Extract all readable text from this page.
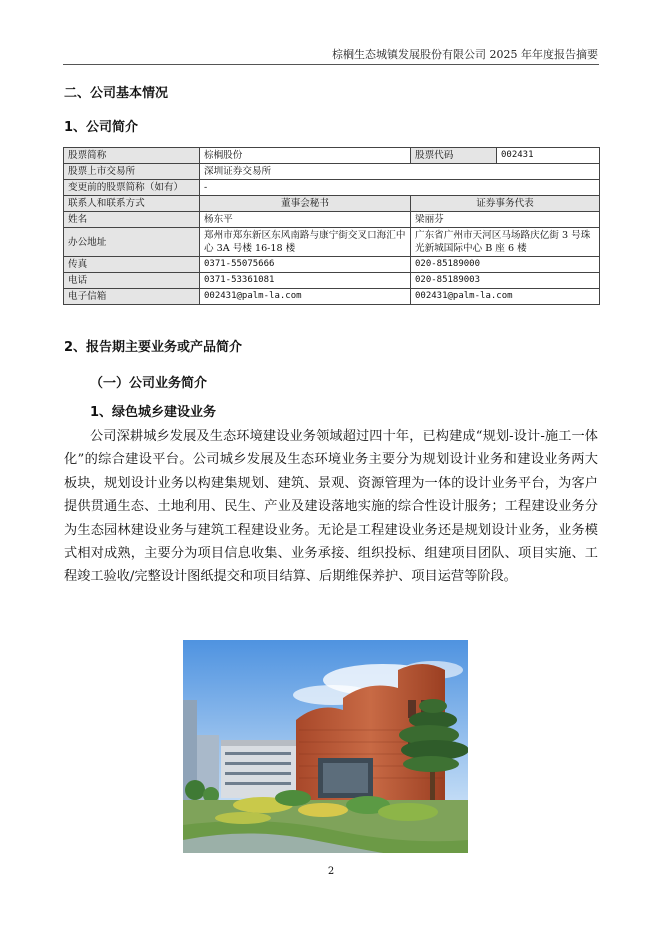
棕榈生态城镇发展股份有限公司 2025 年年度报告摘要
二、公司基本情况
1、公司简介
股票简称	棕榈股份	股票代码	002431
股票上市交易所	深圳证券交易所		
变更前的股票简称（如有）	-		
联系人和联系方式	董事会秘书	证券事务代表	
姓名	杨东平	梁丽芬	
办公地址	郑州市郑东新区东风南路与康宁街交叉口海汇中心 3A 号楼 16-18 楼	广东省广州市天河区马场路庆亿街 3 号珠光新城国际中心 B 座 6 楼	
传真	0371-55075666	020-85189000	
电话	0371-53361081	020-85189003	
电子信箱	002431@palm-la.com	002431@palm-la.com	
2、报告期主要业务或产品简介
（一）公司业务简介
1、绿色城乡建设业务
公司深耕城乡发展及生态环境建设业务领域超过四十年，已构建成“规划-设计-施工一体化”的综合建设平台。公司城乡发展及生态环境业务主要分为规划设计业务和建设业务两大板块，规划设计业务以构建集规划、建筑、景观、资源管理为一体的设计业务平台，为客户提供贯通生态、土地利用、民生、产业及建设落地实施的综合性设计服务；工程建设业务分为生态园林建设业务与建筑工程建设业务。无论是工程建设业务还是规划设计业务，业务模式相对成熟，主要分为项目信息收集、业务承接、组织投标、组建项目团队、项目实施、工程竣工验收/完整设计图纸提交和项目结算、后期维保养护、项目运营等阶段。
2
